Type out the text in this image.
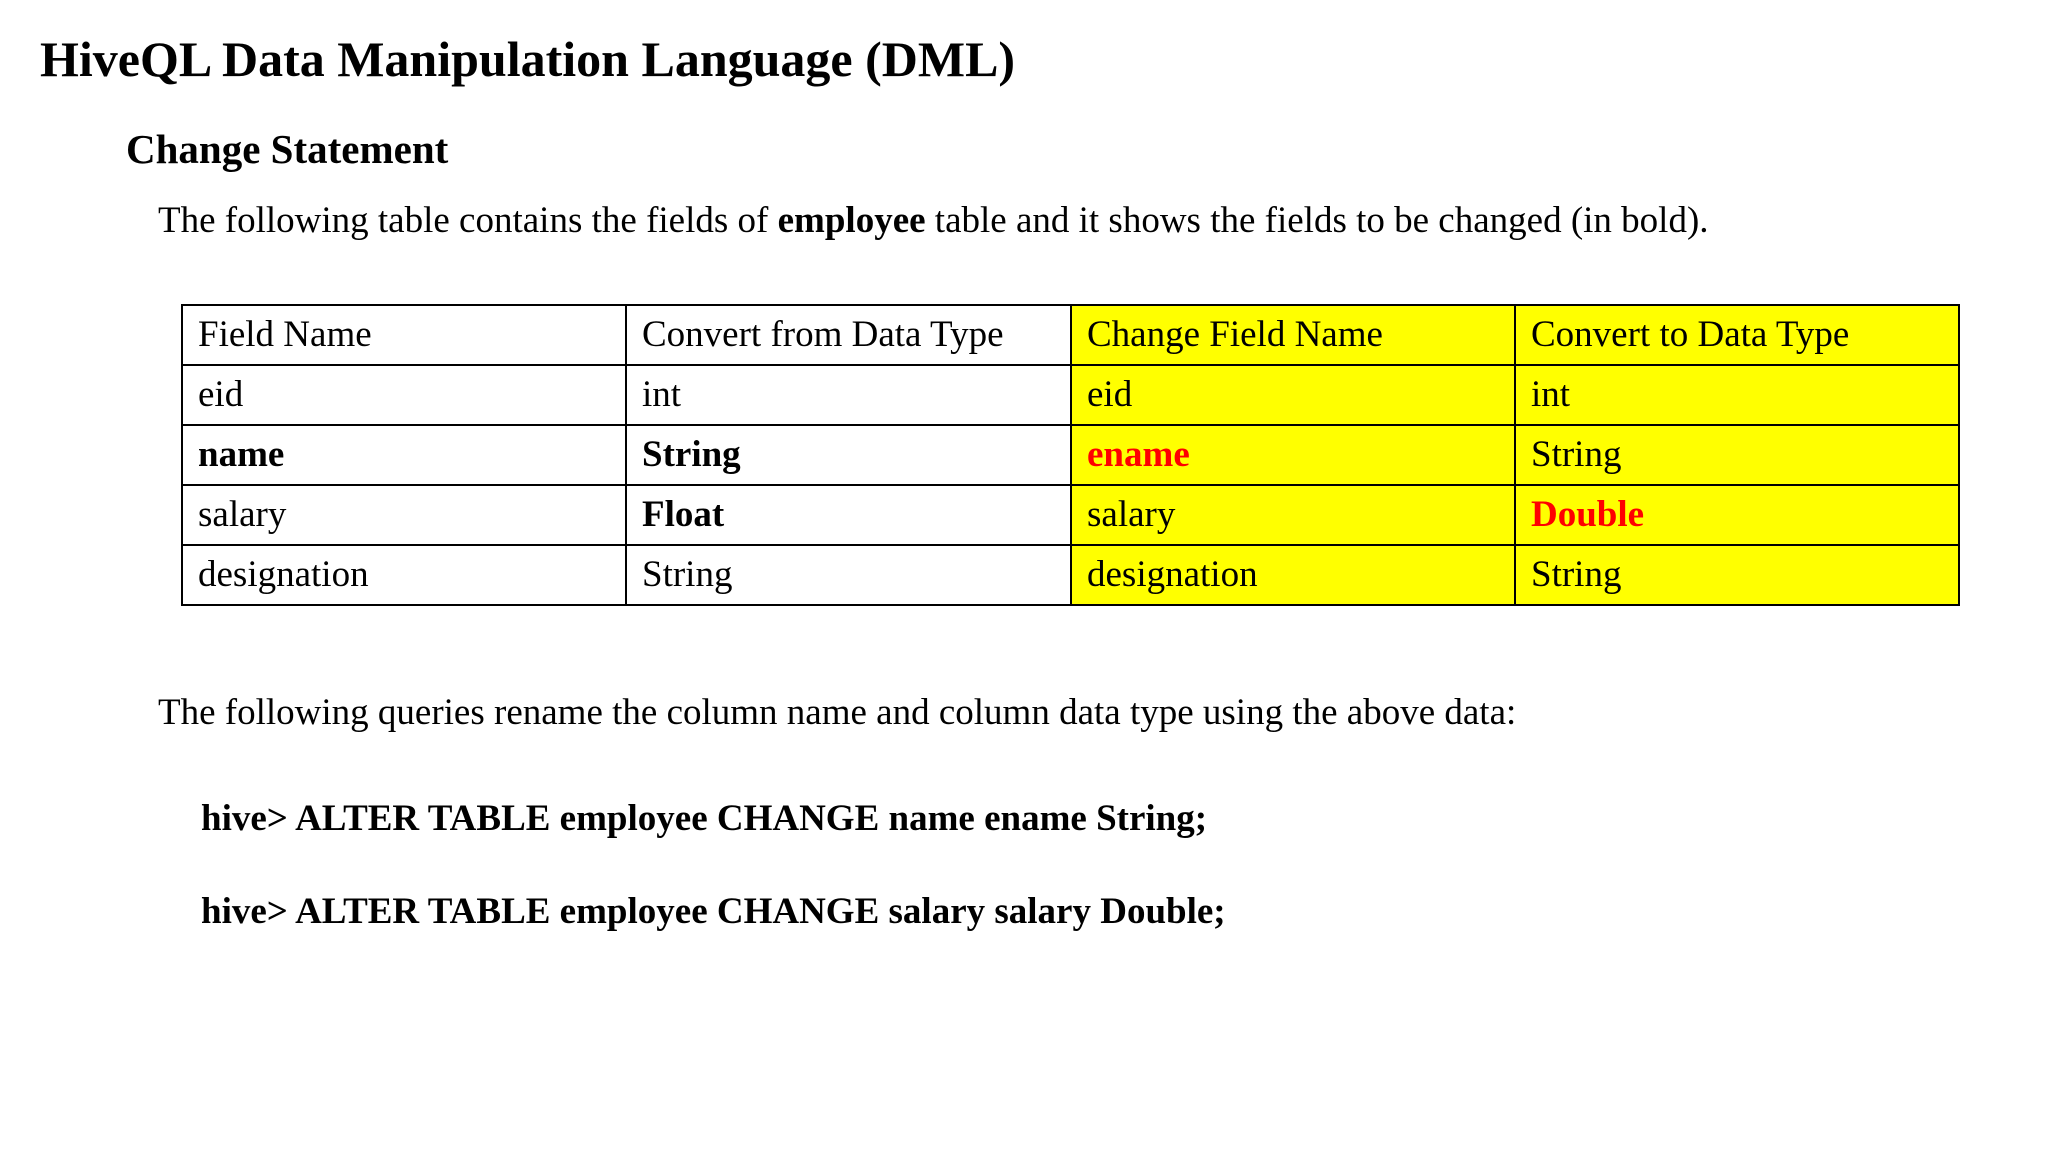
HiveQL Data Manipulation Language (DML)
Change Statement

The following table contains the fields of employee table and it shows the fields to be changed (in bold).

Field Name	Convert from Data Type	Change Field Name	Convert to Data Type
eid	int	eid	int
name	String	ename	String
salary	Float	salary	Double
designation	String	designation	String

The following queries rename the column name and column data type using the above data:

hive> ALTER TABLE employee CHANGE name ename String;

hive> ALTER TABLE employee CHANGE salary salary Double;
